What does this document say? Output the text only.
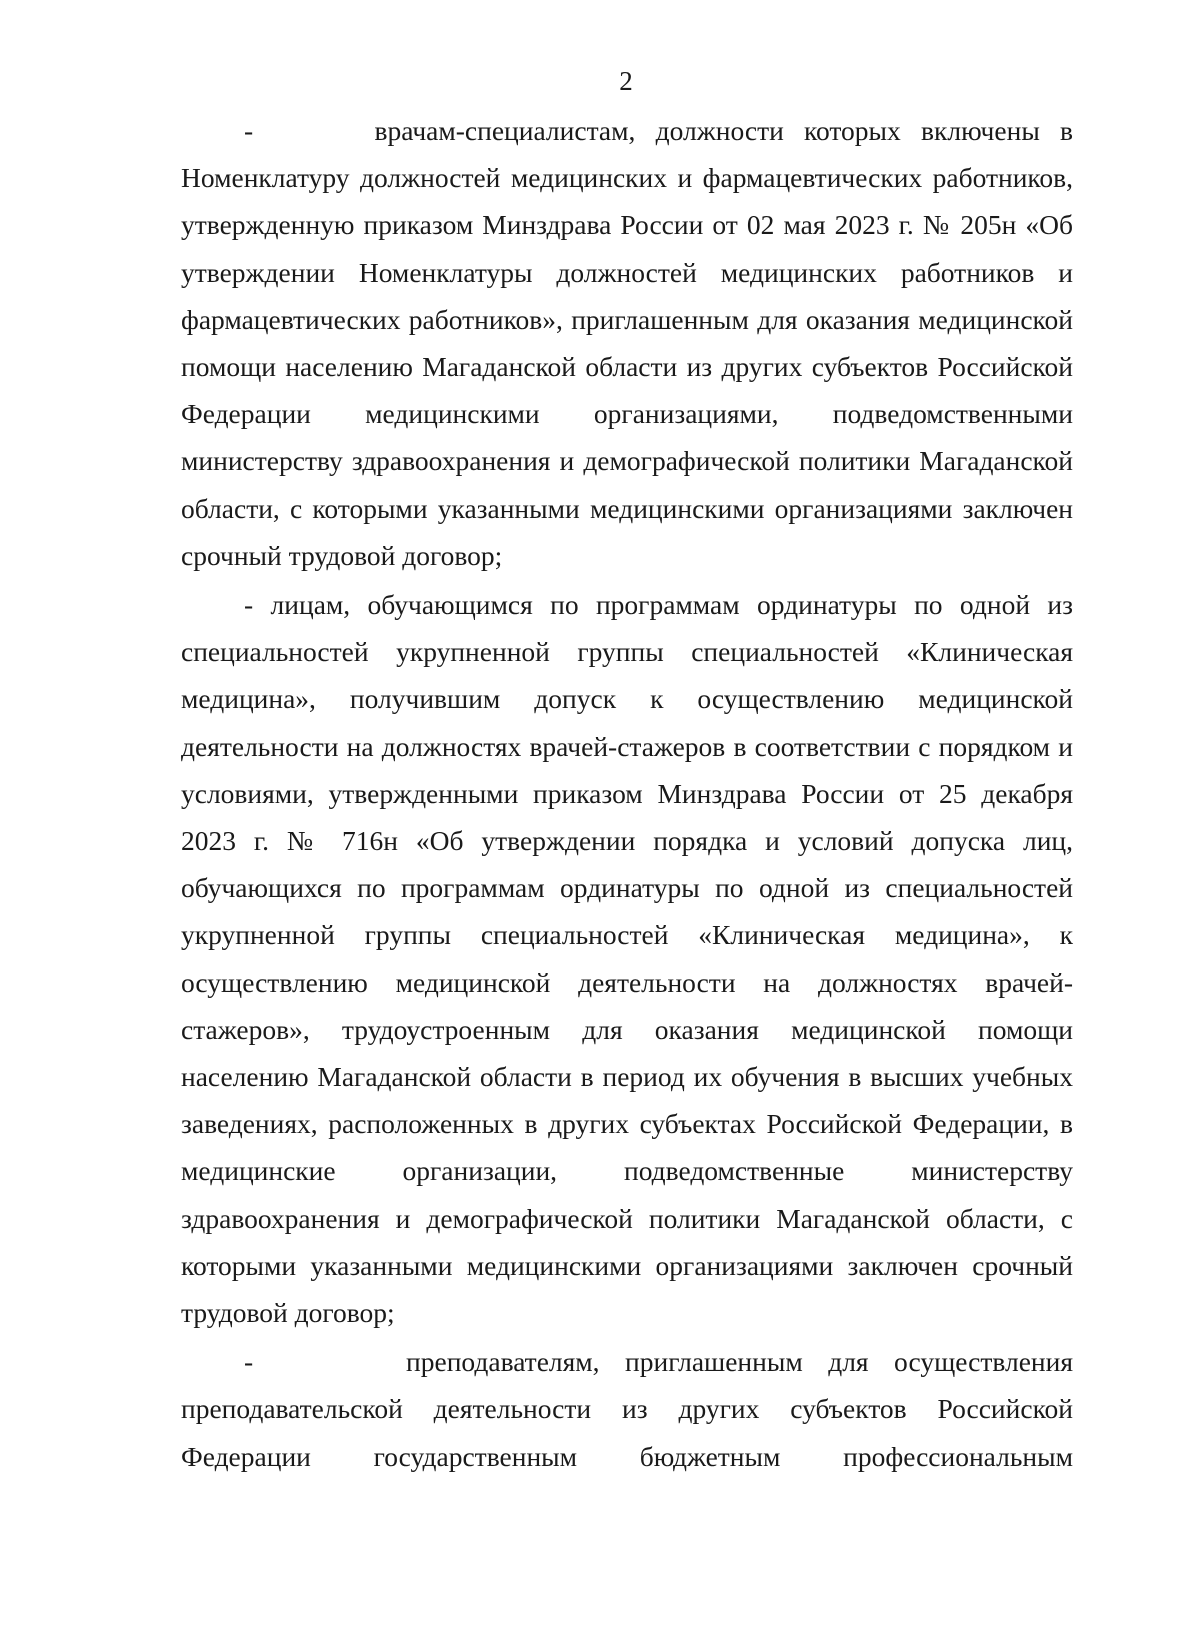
2

-      врачам-специалистам, должности которых включены в Номенклатуру должностей медицинских и фармацевтических работников, утвержденную приказом Минздрава России от 02 мая 2023 г. № 205н «Об утверждении Номенклатуры должностей медицинских работников и фармацевтических работников», приглашенным для оказания медицинской помощи населению Магаданской области из других субъектов Российской Федерации медицинскими организациями, подведомственными министерству здравоохранения и демографической политики Магаданской области, с которыми указанными медицинскими организациями заключен срочный трудовой договор;

- лицам, обучающимся по программам ординатуры по одной из специальностей укрупненной группы специальностей «Клиническая медицина», получившим допуск к осуществлению медицинской деятельности на должностях врачей-стажеров в соответствии с порядком и условиями, утвержденными приказом Минздрава России от 25 декабря 2023 г. № 716н «Об утверждении порядка и условий допуска лиц, обучающихся по программам ординатуры по одной из специальностей укрупненной группы специальностей «Клиническая медицина», к осуществлению медицинской деятельности на должностях врачей-стажеров», трудоустроенным для оказания медицинской помощи населению Магаданской области в период их обучения в высших учебных заведениях, расположенных в других субъектах Российской Федерации, в медицинские организации, подведомственные министерству здравоохранения и демографической политики Магаданской области, с которыми указанными медицинскими организациями заключен срочный трудовой договор;

-      преподавателям, приглашенным для осуществления преподавательской деятельности из других субъектов Российской Федерации государственным бюджетным профессиональным
